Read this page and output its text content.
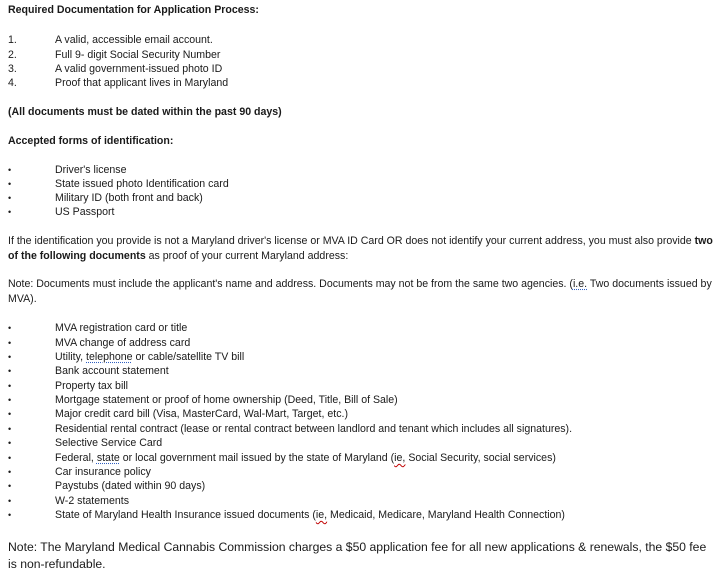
Required Documentation for Application Process:
1.	A valid, accessible email account.
2.	Full 9- digit Social Security Number
3.	A valid government-issued photo ID
4.	Proof that applicant lives in Maryland
(All documents must be dated within the past 90 days)
Accepted forms of identification:
•	Driver's license
•	State issued photo Identification card
•	Military ID (both front and back)
•	US Passport
If the identification you provide is not a Maryland driver's license or MVA ID Card OR does not identify your current address, you must also provide two of the following documents as proof of your current Maryland address:
Note: Documents must include the applicant's name and address. Documents may not be from the same two agencies. (i.e. Two documents issued by MVA).
•	MVA registration card or title
•	MVA change of address card
•	Utility, telephone or cable/satellite TV bill
•	Bank account statement
•	Property tax bill
•	Mortgage statement or proof of home ownership (Deed, Title, Bill of Sale)
•	Major credit card bill (Visa, MasterCard, Wal-Mart, Target, etc.)
•	Residential rental contract (lease or rental contract between landlord and tenant which includes all signatures).
•	Selective Service Card
•	Federal, state or local government mail issued by the state of Maryland (ie, Social Security, social services)
•	Car insurance policy
•	Paystubs (dated within 90 days)
•	W-2 statements
•	State of Maryland Health Insurance issued documents (ie, Medicaid, Medicare, Maryland Health Connection)
Note: The Maryland Medical Cannabis Commission charges a $50 application fee for all new applications & renewals, the $50 fee is non-refundable.
